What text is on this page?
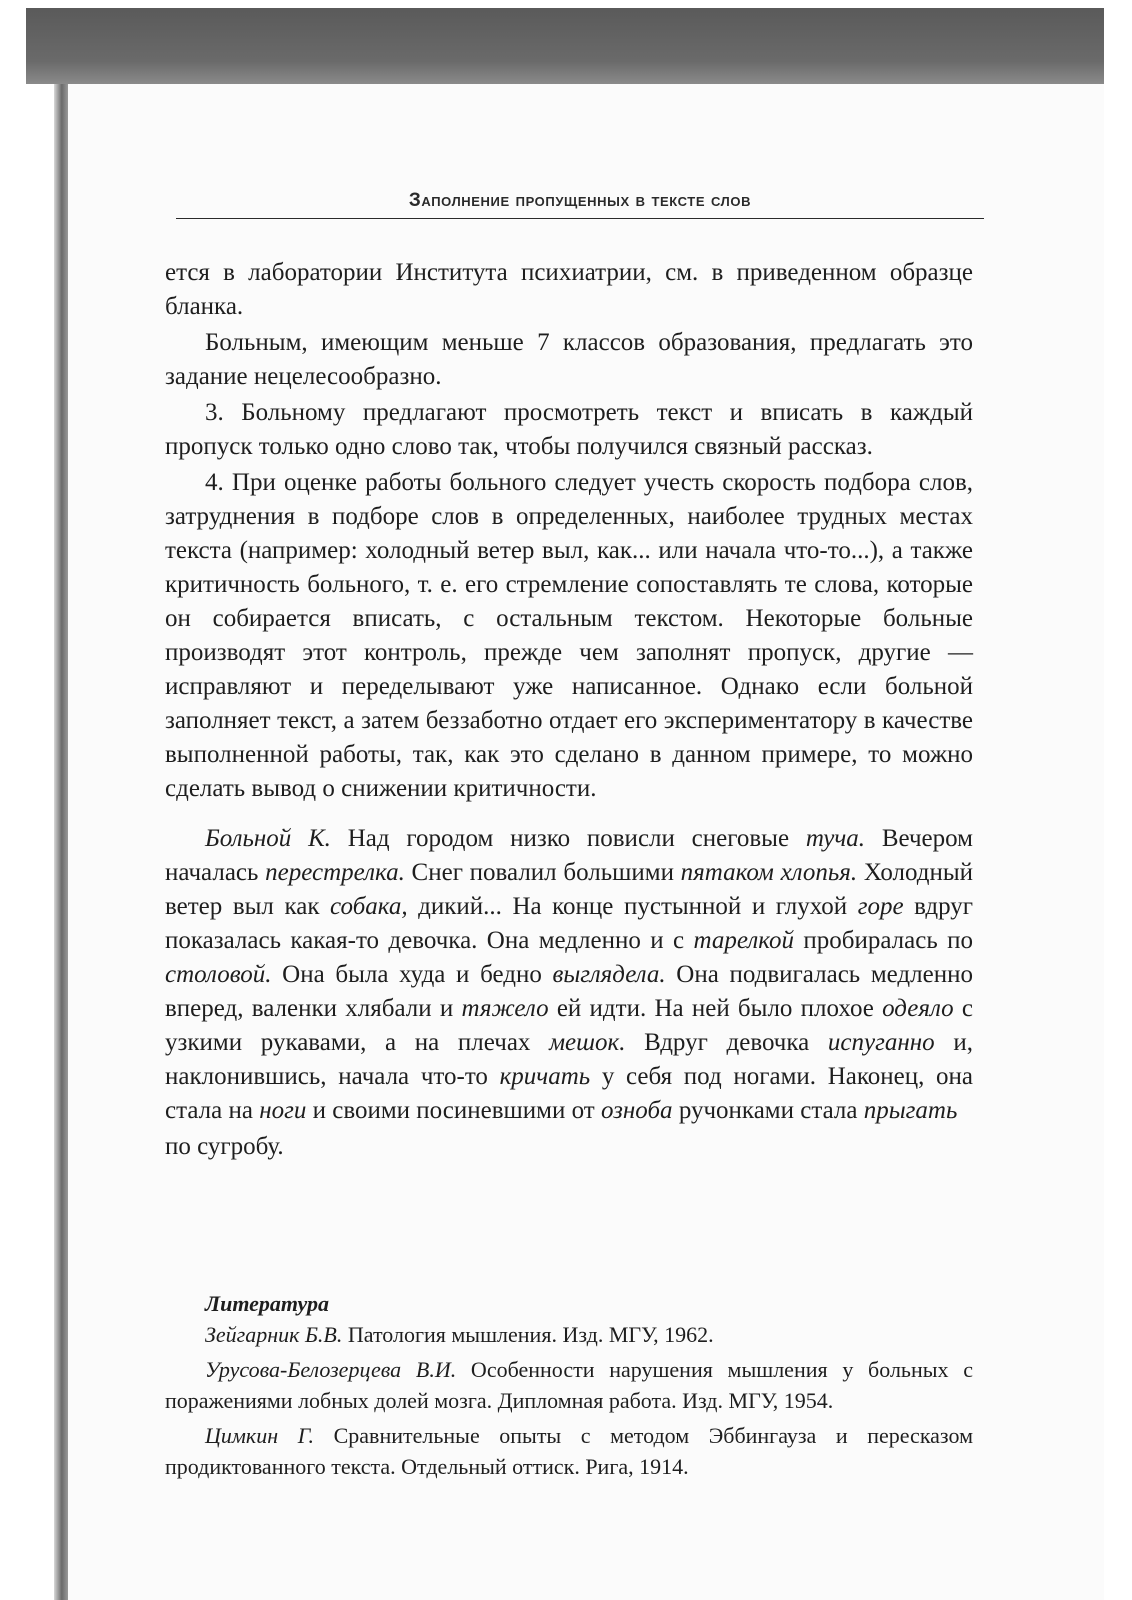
Заполнение пропущенных в тексте слов

ется в лаборатории Института психиатрии, см. в приведенном образце бланка.

Больным, имеющим меньше 7 классов образования, предлагать это задание нецелесообразно.

3. Больному предлагают просмотреть текст и вписать в каждый пропуск только одно слово так, чтобы получился связный рассказ.

4. При оценке работы больного следует учесть скорость подбора слов, затруднения в подборе слов в определенных, наиболее трудных местах текста (например: холодный ветер выл, как... или начала что-то...), а также критичность больного, т. е. его стремление сопоставлять те слова, которые он собирается вписать, с остальным текстом. Некоторые больные производят этот контроль, прежде чем заполнят пропуск, другие — исправляют и переделывают уже написанное. Однако если больной заполняет текст, а затем беззаботно отдает его экспериментатору в качестве выполненной работы, так, как это сделано в данном примере, то можно сделать вывод о снижении критичности.

Больной К. Над городом низко повисли снеговые туча. Вечером началась перестрелка. Снег повалил большими пятаком хлопья. Холодный ветер выл как собака, дикий... На конце пустынной и глухой горе вдруг показалась какая-то девочка. Она медленно и с тарелкой пробиралась по столовой. Она была худа и бедно выглядела. Она подвигалась медленно вперед, валенки хлябали и тяжело ей идти. На ней было плохое одеяло с узкими рукавами, а на плечах мешок. Вдруг девочка испуганно и, наклонившись, начала что-то кричать у себя под ногами. Наконец, она стала на ноги и своими посиневшими от озноба ручонками стала прыгать

по сугробу.

Литература

Зейгарник Б.В. Патология мышления. Изд. МГУ, 1962.

Урусова-Белозерцева В.И. Особенности нарушения мышления у больных с поражениями лобных долей мозга. Дипломная работа. Изд. МГУ, 1954.

Цимкин Г. Сравнительные опыты с методом Эббингауза и пересказом продиктованного текста. Отдельный оттиск. Рига, 1914.
